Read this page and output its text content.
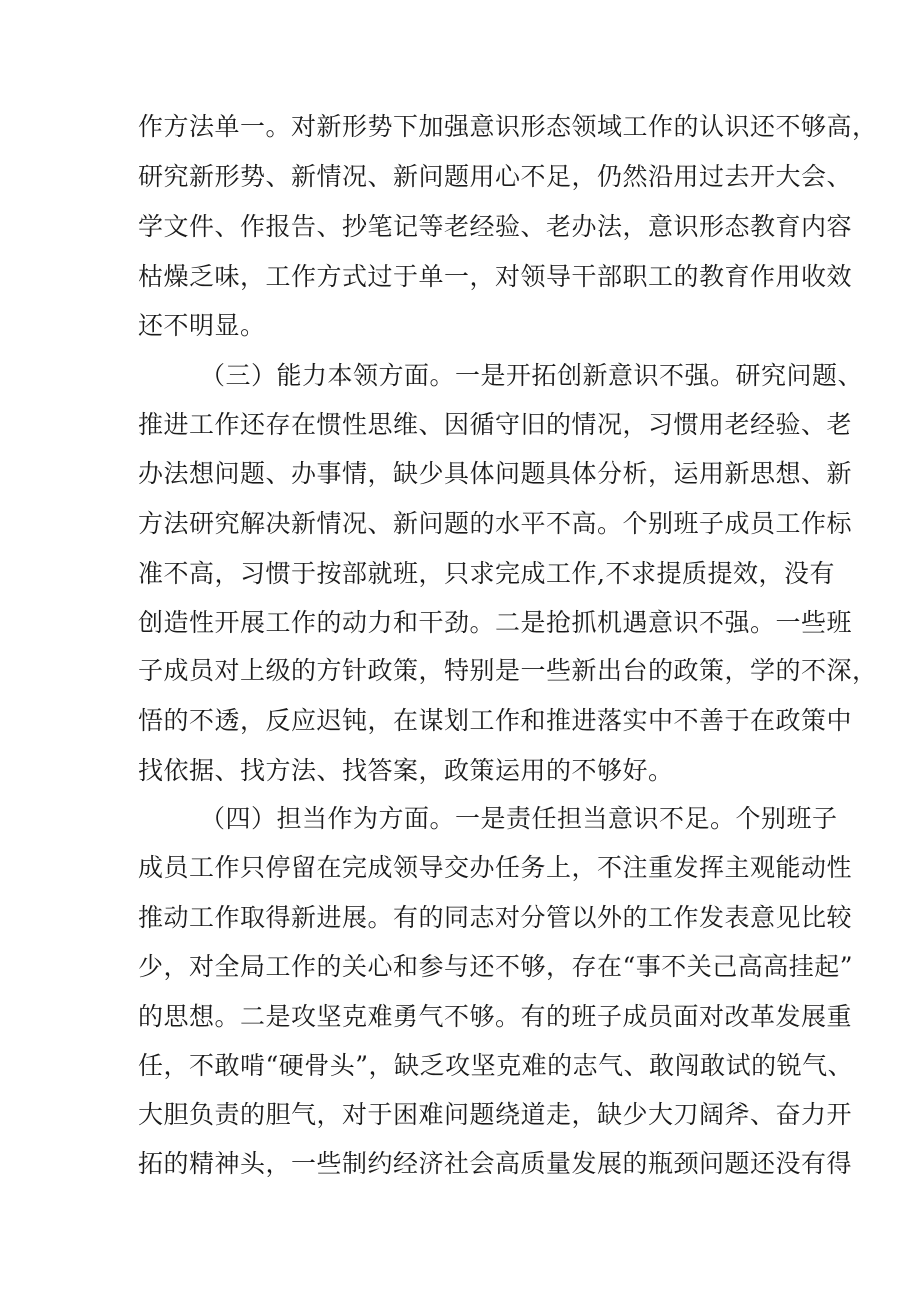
作方法单一。对新形势下加强意识形态领域工作的认识还不够高，
研究新形势、新情况、新问题用心不足，仍然沿用过去开大会、
学文件、作报告、抄笔记等老经验、老办法，意识形态教育内容
枯燥乏味，工作方式过于单一，对领导干部职工的教育作用收效
还不明显。
（三）能力本领方面。一是开拓创新意识不强。研究问题、
推进工作还存在惯性思维、因循守旧的情况，习惯用老经验、老
办法想问题、办事情，缺少具体问题具体分析，运用新思想、新
方法研究解决新情况、新问题的水平不高。个别班子成员工作标
准不高，习惯于按部就班，只求完成工作,不求提质提效，没有
创造性开展工作的动力和干劲。二是抢抓机遇意识不强。一些班
子成员对上级的方针政策，特别是一些新出台的政策，学的不深，
悟的不透，反应迟钝，在谋划工作和推进落实中不善于在政策中
找依据、找方法、找答案，政策运用的不够好。
（四）担当作为方面。一是责任担当意识不足。个别班子
成员工作只停留在完成领导交办任务上，不注重发挥主观能动性
推动工作取得新进展。有的同志对分管以外的工作发表意见比较
少，对全局工作的关心和参与还不够，存在“事不关己高高挂起”
的思想。二是攻坚克难勇气不够。有的班子成员面对改革发展重
任，不敢啃“硬骨头”，缺乏攻坚克难的志气、敢闯敢试的锐气、
大胆负责的胆气，对于困难问题绕道走，缺少大刀阔斧、奋力开
拓的精神头，一些制约经济社会高质量发展的瓶颈问题还没有得
